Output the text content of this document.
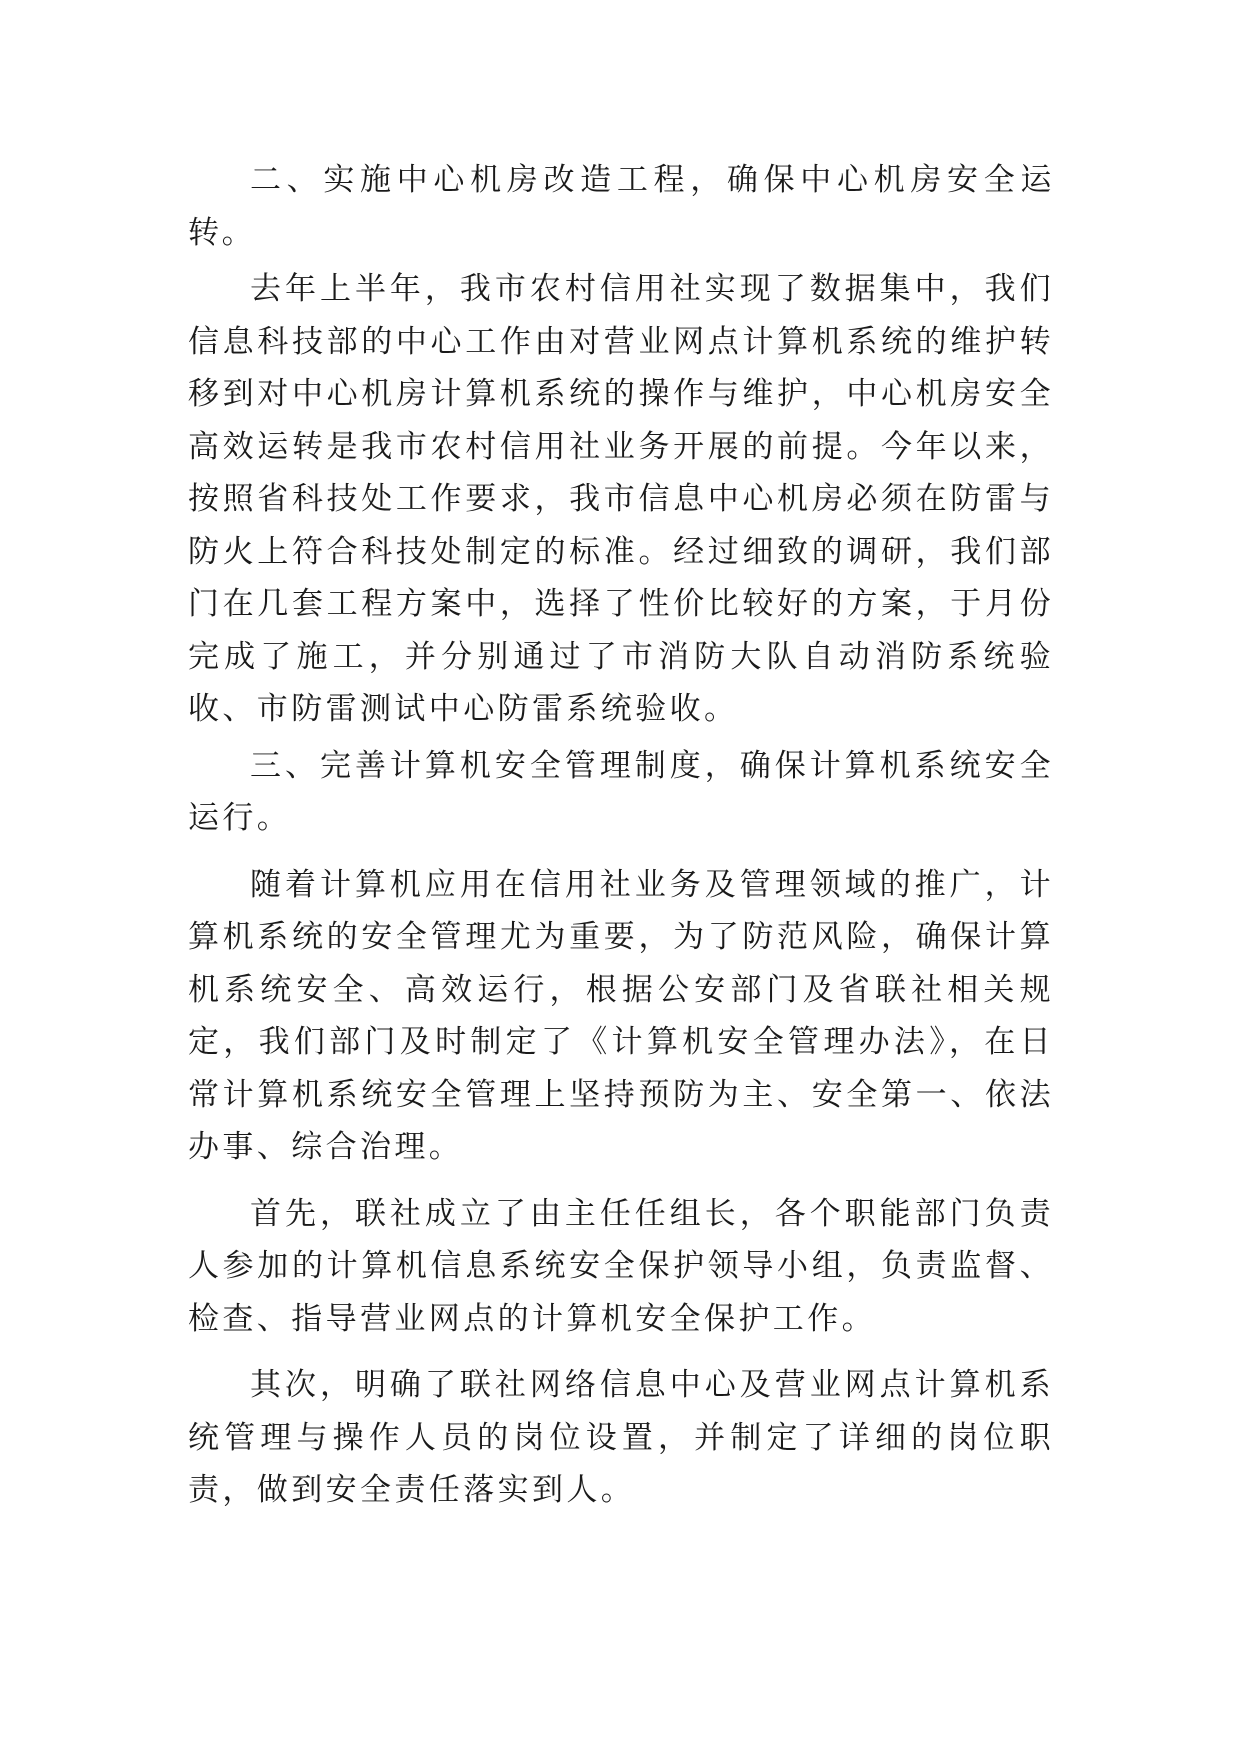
二、实施中心机房改造工程，确保中心机房安全运转。

去年上半年，我市农村信用社实现了数据集中，我们信息科技部的中心工作由对营业网点计算机系统的维护转移到对中心机房计算机系统的操作与维护，中心机房安全高效运转是我市农村信用社业务开展的前提。今年以来，按照省科技处工作要求，我市信息中心机房必须在防雷与防火上符合科技处制定的标准。经过细致的调研，我们部门在几套工程方案中，选择了性价比较好的方案，于月份完成了施工，并分别通过了市消防大队自动消防系统验收、市防雷测试中心防雷系统验收。

三、完善计算机安全管理制度，确保计算机系统安全运行。

随着计算机应用在信用社业务及管理领域的推广，计算机系统的安全管理尤为重要，为了防范风险，确保计算机系统安全、高效运行，根据公安部门及省联社相关规定，我们部门及时制定了《计算机安全管理办法》，在日常计算机系统安全管理上坚持预防为主、安全第一、依法办事、综合治理。

首先，联社成立了由主任任组长，各个职能部门负责人参加的计算机信息系统安全保护领导小组，负责监督、检查、指导营业网点的计算机安全保护工作。

其次，明确了联社网络信息中心及营业网点计算机系统管理与操作人员的岗位设置，并制定了详细的岗位职责，做到安全责任落实到人。
